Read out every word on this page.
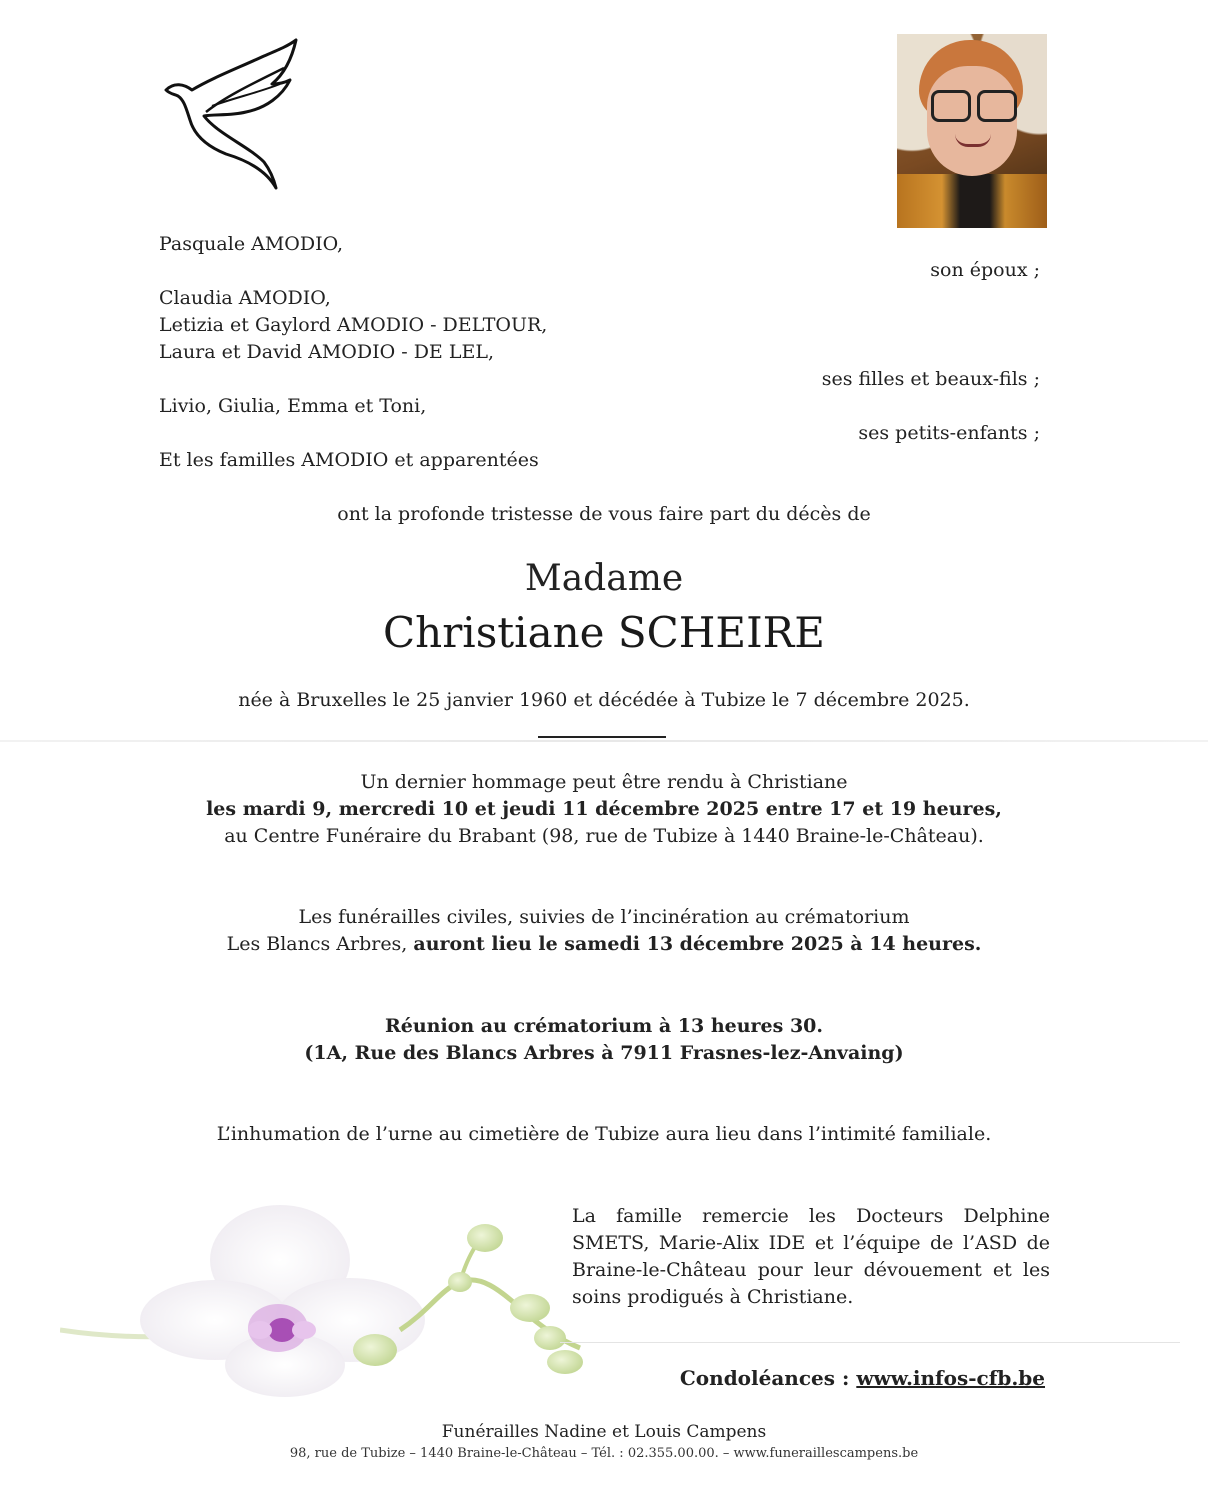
Pasquale AMODIO,
son époux ;
Claudia AMODIO,
Letizia et Gaylord AMODIO - DELTOUR,
Laura et David AMODIO - DE LEL,
ses filles et beaux-fils ;
Livio, Giulia, Emma et Toni,
ses petits-enfants ;
Et les familles AMODIO et apparentées
ont la profonde tristesse de vous faire part du décès de
Madame
Christiane SCHEIRE
née à Bruxelles le 25 janvier 1960 et décédée à Tubize le 7 décembre 2025.
Un dernier hommage peut être rendu à Christiane
les mardi 9, mercredi 10 et jeudi 11 décembre 2025 entre 17 et 19 heures,
au Centre Funéraire du Brabant (98, rue de Tubize à 1440 Braine-le-Château).
Les funérailles civiles, suivies de l’incinération au crématorium
Les Blancs Arbres, auront lieu le samedi 13 décembre 2025 à 14 heures.
Réunion au crématorium à 13 heures 30.
(1A, Rue des Blancs Arbres à 7911 Frasnes-lez-Anvaing)
L’inhumation de l’urne au cimetière de Tubize aura lieu dans l’intimité familiale.
La famille remercie les Docteurs Delphine SMETS, Marie-Alix IDE et l’équipe de l’ASD de Braine-le-Château pour leur dévouement et les soins prodigués à Christiane.
Condoléances : www.infos-cfb.be
Funérailles Nadine et Louis Campens
98, rue de Tubize – 1440 Braine-le-Château – Tél. : 02.355.00.00. – www.funeraillescampens.be
